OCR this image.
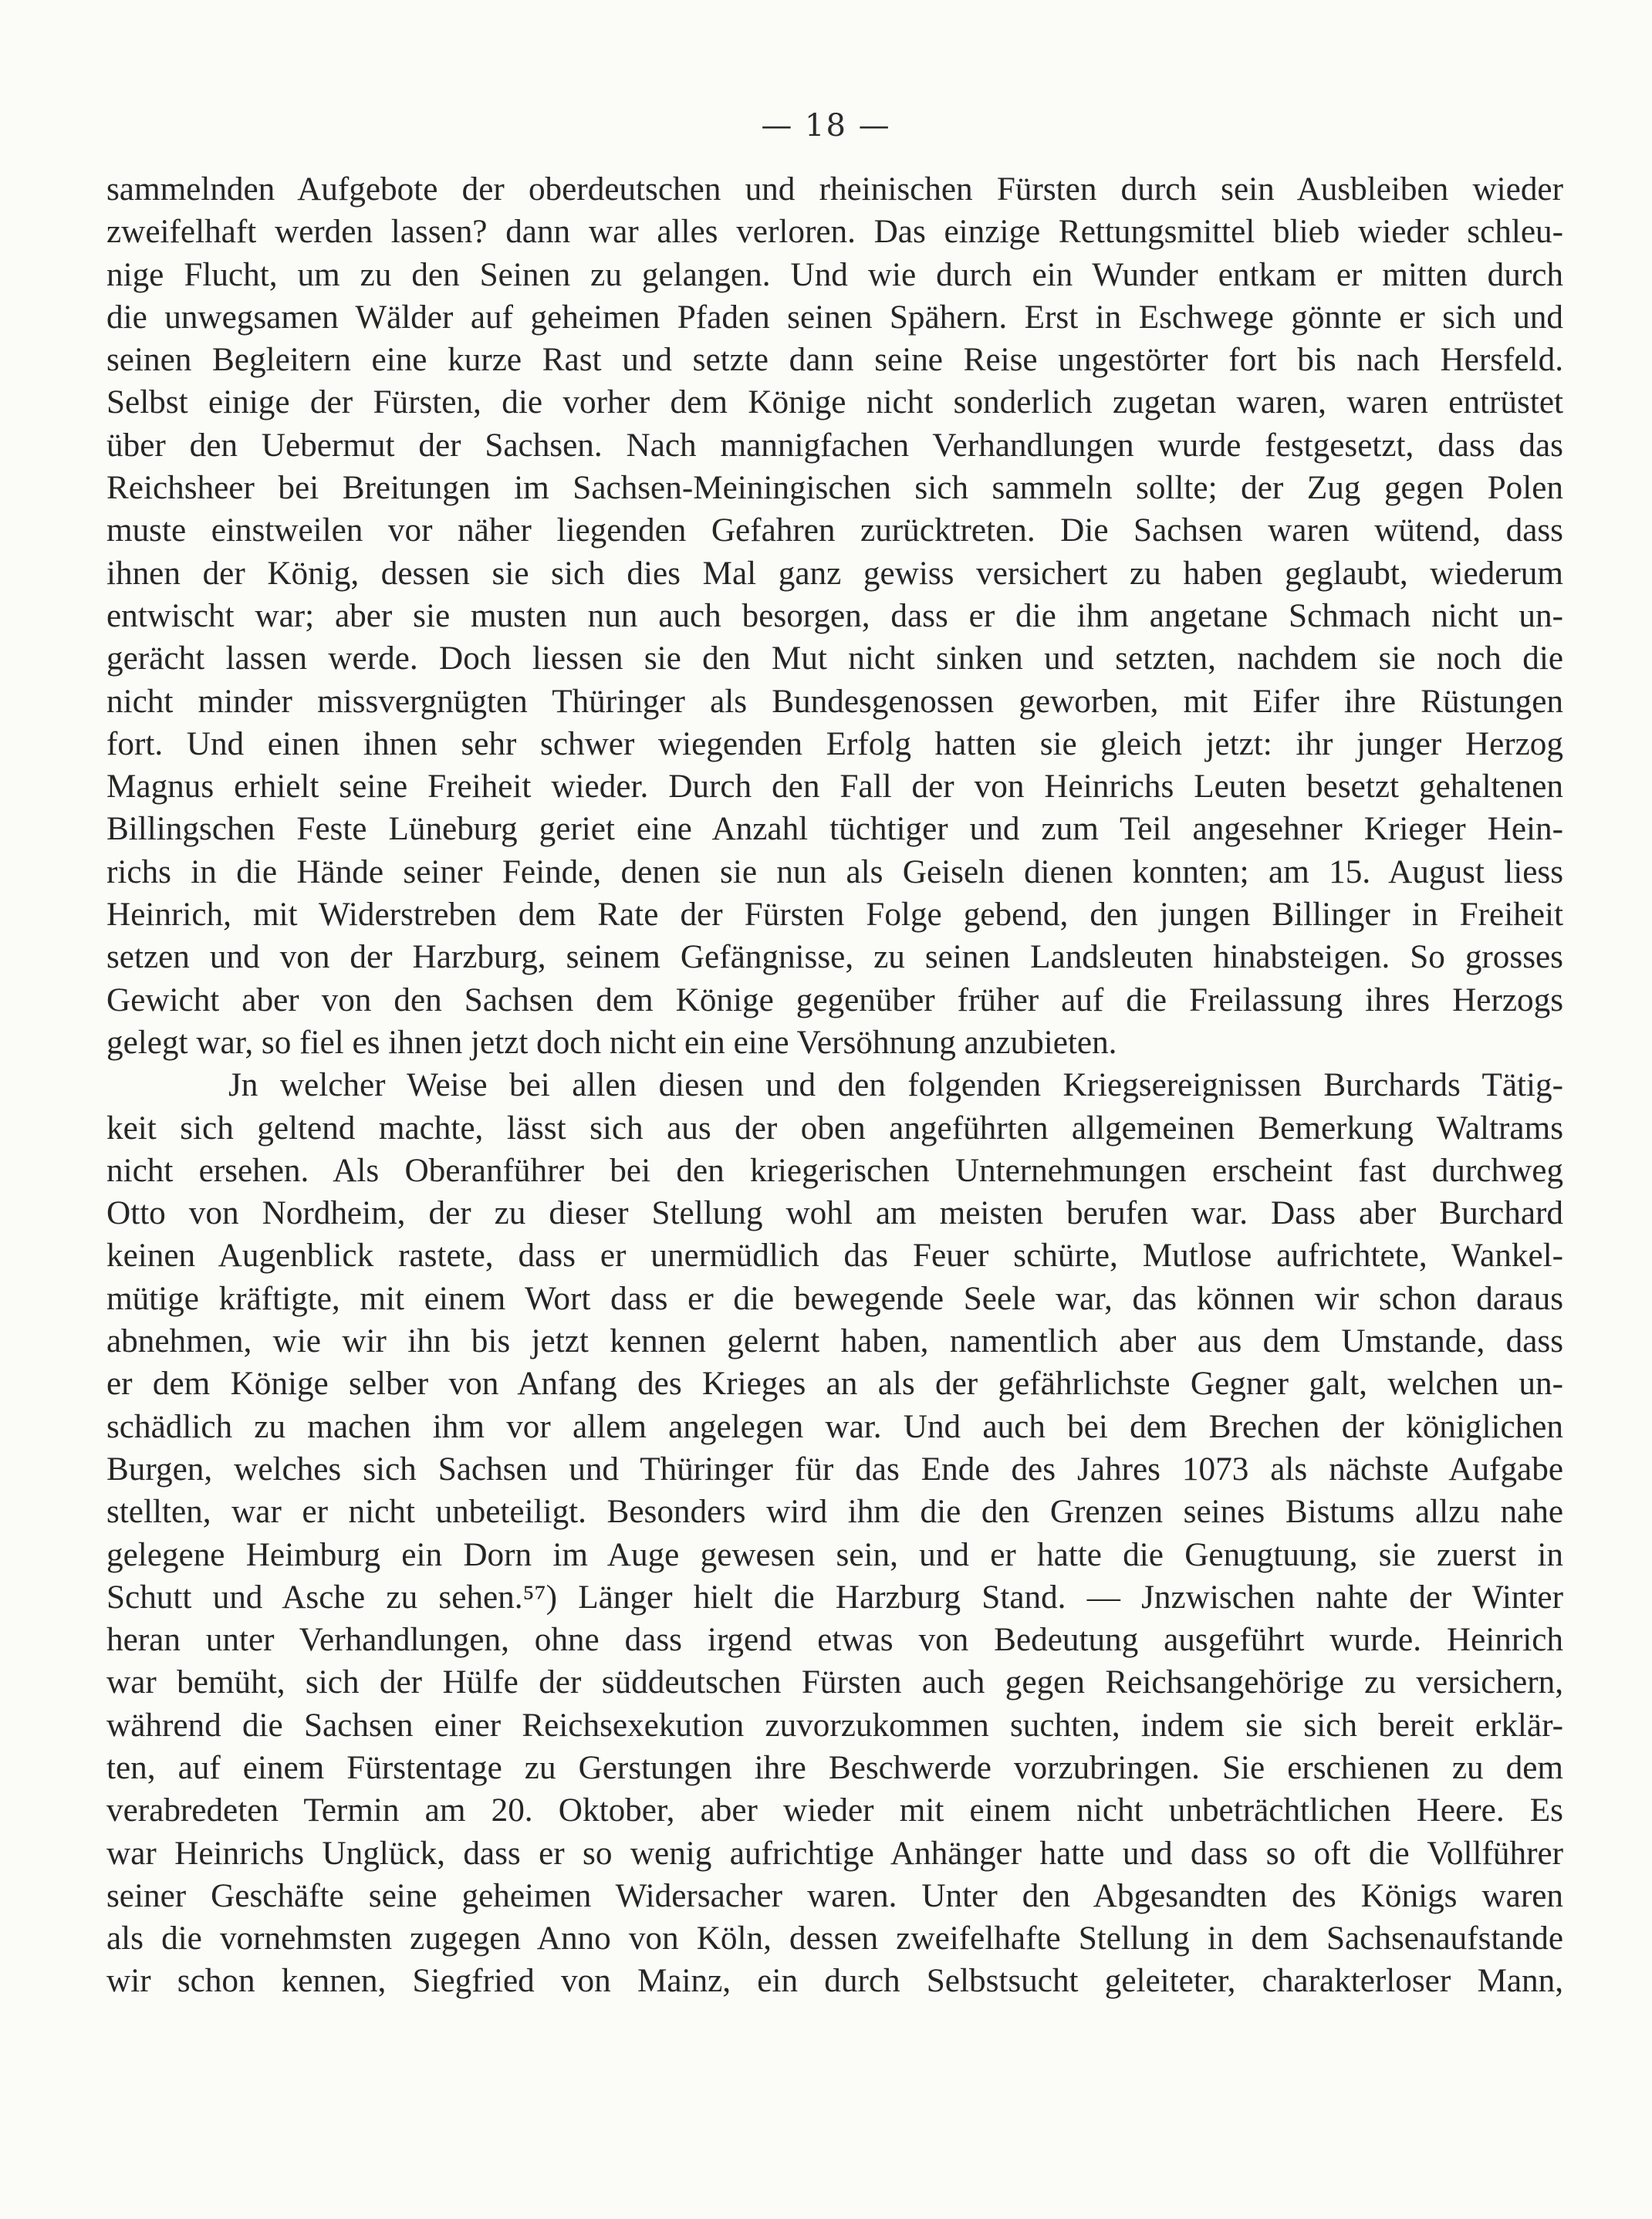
— 18 —
sammelnden Aufgebote der oberdeutschen und rheinischen Fürsten durch sein Ausbleiben wieder
zweifelhaft werden lassen? dann war alles verloren. Das einzige Rettungsmittel blieb wieder schleu-
nige Flucht, um zu den Seinen zu gelangen. Und wie durch ein Wunder entkam er mitten durch
die unwegsamen Wälder auf geheimen Pfaden seinen Spähern. Erst in Eschwege gönnte er sich und
seinen Begleitern eine kurze Rast und setzte dann seine Reise ungestörter fort bis nach Hersfeld.
Selbst einige der Fürsten, die vorher dem Könige nicht sonderlich zugetan waren, waren entrüstet
über den Uebermut der Sachsen. Nach mannigfachen Verhandlungen wurde festgesetzt, dass das
Reichsheer bei Breitungen im Sachsen-Meiningischen sich sammeln sollte; der Zug gegen Polen
muste einstweilen vor näher liegenden Gefahren zurücktreten. Die Sachsen waren wütend, dass
ihnen der König, dessen sie sich dies Mal ganz gewiss versichert zu haben geglaubt, wiederum
entwischt war; aber sie musten nun auch besorgen, dass er die ihm angetane Schmach nicht un-
gerächt lassen werde. Doch liessen sie den Mut nicht sinken und setzten, nachdem sie noch die
nicht minder missvergnügten Thüringer als Bundesgenossen geworben, mit Eifer ihre Rüstungen
fort. Und einen ihnen sehr schwer wiegenden Erfolg hatten sie gleich jetzt: ihr junger Herzog
Magnus erhielt seine Freiheit wieder. Durch den Fall der von Heinrichs Leuten besetzt gehaltenen
Billingschen Feste Lüneburg geriet eine Anzahl tüchtiger und zum Teil angesehner Krieger Hein-
richs in die Hände seiner Feinde, denen sie nun als Geiseln dienen konnten; am 15. August liess
Heinrich, mit Widerstreben dem Rate der Fürsten Folge gebend, den jungen Billinger in Freiheit
setzen und von der Harzburg, seinem Gefängnisse, zu seinen Landsleuten hinabsteigen. So grosses
Gewicht aber von den Sachsen dem Könige gegenüber früher auf die Freilassung ihres Herzogs
gelegt war, so fiel es ihnen jetzt doch nicht ein eine Versöhnung anzubieten.
Jn welcher Weise bei allen diesen und den folgenden Kriegsereignissen Burchards Tätig-
keit sich geltend machte, lässt sich aus der oben angeführten allgemeinen Bemerkung Waltrams
nicht ersehen. Als Oberanführer bei den kriegerischen Unternehmungen erscheint fast durchweg
Otto von Nordheim, der zu dieser Stellung wohl am meisten berufen war. Dass aber Burchard
keinen Augenblick rastete, dass er unermüdlich das Feuer schürte, Mutlose aufrichtete, Wankel-
mütige kräftigte, mit einem Wort dass er die bewegende Seele war, das können wir schon daraus
abnehmen, wie wir ihn bis jetzt kennen gelernt haben, namentlich aber aus dem Umstande, dass
er dem Könige selber von Anfang des Krieges an als der gefährlichste Gegner galt, welchen un-
schädlich zu machen ihm vor allem angelegen war. Und auch bei dem Brechen der königlichen
Burgen, welches sich Sachsen und Thüringer für das Ende des Jahres 1073 als nächste Aufgabe
stellten, war er nicht unbeteiligt. Besonders wird ihm die den Grenzen seines Bistums allzu nahe
gelegene Heimburg ein Dorn im Auge gewesen sein, und er hatte die Genugtuung, sie zuerst in
Schutt und Asche zu sehen.⁵⁷) Länger hielt die Harzburg Stand. — Jnzwischen nahte der Winter
heran unter Verhandlungen, ohne dass irgend etwas von Bedeutung ausgeführt wurde. Heinrich
war bemüht, sich der Hülfe der süddeutschen Fürsten auch gegen Reichsangehörige zu versichern,
während die Sachsen einer Reichsexekution zuvorzukommen suchten, indem sie sich bereit erklär-
ten, auf einem Fürstentage zu Gerstungen ihre Beschwerde vorzubringen. Sie erschienen zu dem
verabredeten Termin am 20. Oktober, aber wieder mit einem nicht unbeträchtlichen Heere. Es
war Heinrichs Unglück, dass er so wenig aufrichtige Anhänger hatte und dass so oft die Vollführer
seiner Geschäfte seine geheimen Widersacher waren. Unter den Abgesandten des Königs waren
als die vornehmsten zugegen Anno von Köln, dessen zweifelhafte Stellung in dem Sachsenaufstande
wir schon kennen, Siegfried von Mainz, ein durch Selbstsucht geleiteter, charakterloser Mann,
